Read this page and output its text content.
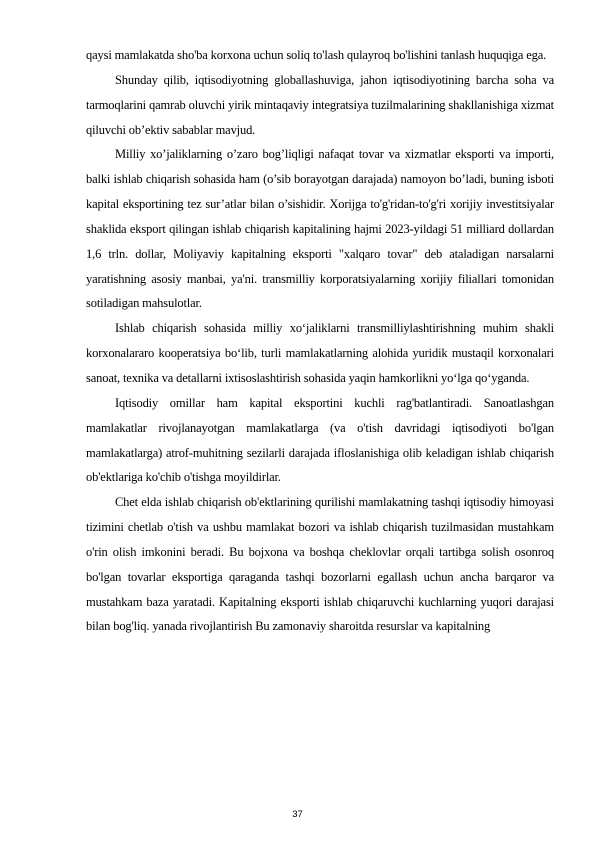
qaysi mamlakatda sho'ba korxona uchun soliq to'lash qulayroq bo'lishini tanlash huquqiga ega.

Shunday qilib, iqtisodiyotning globallashuviga, jahon iqtisodiyotining barcha soha va tarmoqlarini qamrab oluvchi yirik mintaqaviy integratsiya tuzilmalarining shakllanishiga xizmat qiluvchi ob’ektiv sabablar mavjud.

Milliy xo’jaliklarning o’zaro bog’liqligi nafaqat tovar va xizmatlar eksporti va importi, balki ishlab chiqarish sohasida ham (o’sib borayotgan darajada) namoyon bo’ladi, buning isboti kapital eksportining tez sur’atlar bilan o’sishidir. Xorijga to'g'ridan-to'g'ri xorijiy investitsiyalar shaklida eksport qilingan ishlab chiqarish kapitalining hajmi 2023-yildagi 51 milliard dollardan 1,6 trln. dollar, Moliyaviy kapitalning eksporti "xalqaro tovar" deb ataladigan narsalarni yaratishning asosiy manbai, ya'ni. transmilliy korporatsiyalarning xorijiy filiallari tomonidan sotiladigan mahsulotlar.

Ishlab chiqarish sohasida milliy xo‘jaliklarni transmilliylashtirishning muhim shakli korxonalararo kooperatsiya bo‘lib, turli mamlakatlarning alohida yuridik mustaqil korxonalari sanoat, texnika va detallarni ixtisoslashtirish sohasida yaqin hamkorlikni yo‘lga qo‘yganda.

Iqtisodiy omillar ham kapital eksportini kuchli rag'batlantiradi. Sanoatlashgan mamlakatlar rivojlanayotgan mamlakatlarga (va o'tish davridagi iqtisodiyoti bo'lgan mamlakatlarga) atrof-muhitning sezilarli darajada ifloslanishiga olib keladigan ishlab chiqarish ob'ektlariga ko'chib o'tishga moyildirlar.

Chet elda ishlab chiqarish ob'ektlarining qurilishi mamlakatning tashqi iqtisodiy himoyasi tizimini chetlab o'tish va ushbu mamlakat bozori va ishlab chiqarish tuzilmasidan mustahkam o'rin olish imkonini beradi. Bu bojxona va boshqa cheklovlar orqali tartibga solish osonroq bo'lgan tovarlar eksportiga qaraganda tashqi bozorlarni egallash uchun ancha barqaror va mustahkam baza yaratadi. Kapitalning eksporti ishlab chiqaruvchi kuchlarning yuqori darajasi bilan bog'liq. yanada rivojlantirish Bu zamonaviy sharoitda resurslar va kapitalning

37
